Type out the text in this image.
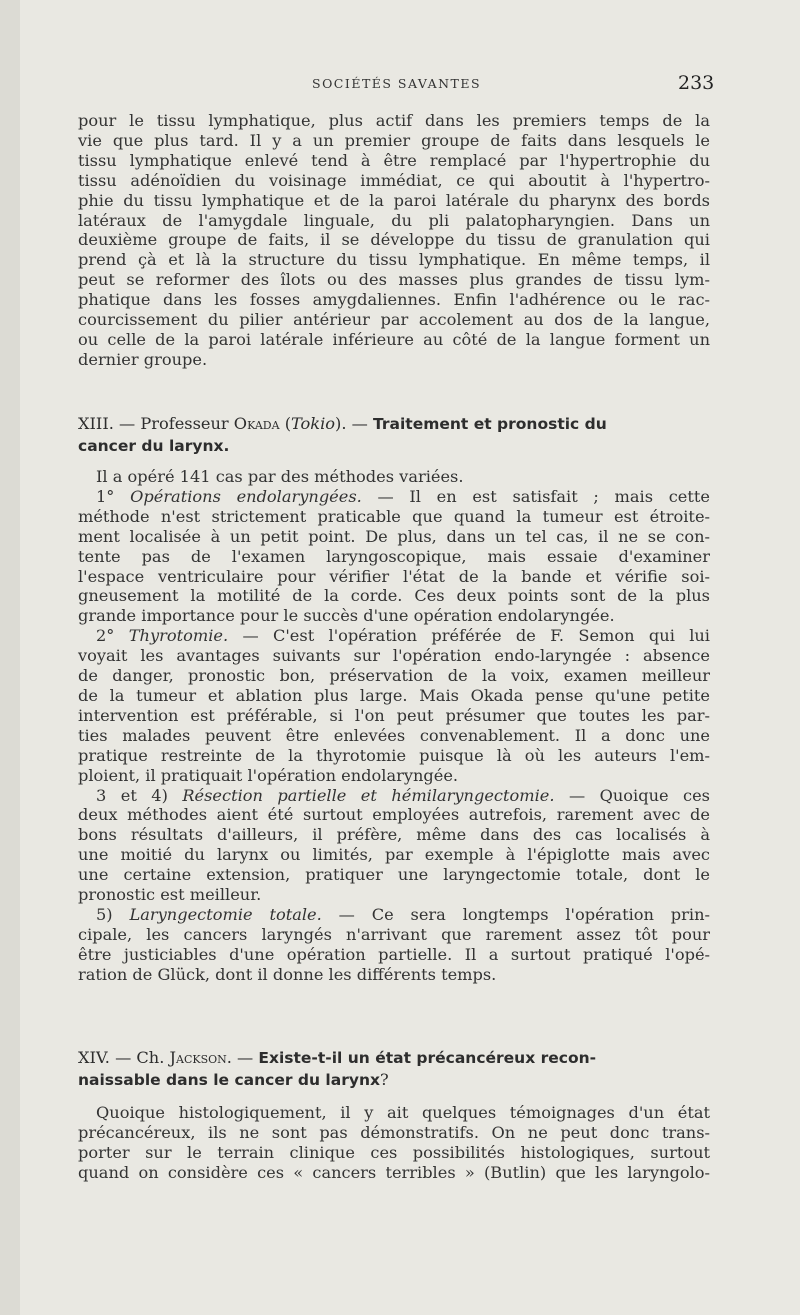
SOCIÉTÉS SAVANTES	233
pour le tissu lymphatique, plus actif dans les premiers temps de la
vie que plus tard. Il y a un premier groupe de faits dans lesquels le
tissu lymphatique enlevé tend à être remplacé par l'hypertrophie du
tissu adénoïdien du voisinage immédiat, ce qui aboutit à l'hypertro-
phie du tissu lymphatique et de la paroi latérale du pharynx des bords
latéraux de l'amygdale linguale, du pli palatopharyngien. Dans un
deuxième groupe de faits, il se développe du tissu de granulation qui
prend çà et là la structure du tissu lymphatique. En même temps, il
peut se reformer des îlots ou des masses plus grandes de tissu lym-
phatique dans les fosses amygdaliennes. Enfin l'adhérence ou le rac-
courcissement du pilier antérieur par accolement au dos de la langue,
ou celle de la paroi latérale inférieure au côté de la langue forment un
dernier groupe.
XIII. — Professeur Okada (Tokio). — Traitement et pronostic du
cancer du larynx.
Il a opéré 141 cas par des méthodes variées.
1° Opérations endolaryngées. — Il en est satisfait ; mais cette
méthode n'est strictement praticable que quand la tumeur est étroite-
ment localisée à un petit point. De plus, dans un tel cas, il ne se con-
tente pas de l'examen laryngoscopique, mais essaie d'examiner
l'espace ventriculaire pour vérifier l'état de la bande et vérifie soi-
gneusement la motilité de la corde. Ces deux points sont de la plus
grande importance pour le succès d'une opération endolaryngée.
2° Thyrotomie. — C'est l'opération préférée de F. Semon qui lui
voyait les avantages suivants sur l'opération endo-laryngée : absence
de danger, pronostic bon, préservation de la voix, examen meilleur
de la tumeur et ablation plus large. Mais Okada pense qu'une petite
intervention est préférable, si l'on peut présumer que toutes les par-
ties malades peuvent être enlevées convenablement. Il a donc une
pratique restreinte de la thyrotomie puisque là où les auteurs l'em-
ploient, il pratiquait l'opération endolaryngée.
3 et 4) Résection partielle et hémilaryngectomie. — Quoique ces
deux méthodes aient été surtout employées autrefois, rarement avec de
bons résultats d'ailleurs, il préfère, même dans des cas localisés à
une moitié du larynx ou limités, par exemple à l'épiglotte mais avec
une certaine extension, pratiquer une laryngectomie totale, dont le
pronostic est meilleur.
5) Laryngectomie totale. — Ce sera longtemps l'opération prin-
cipale, les cancers laryngés n'arrivant que rarement assez tôt pour
être justiciables d'une opération partielle. Il a surtout pratiqué l'opé-
ration de Glück, dont il donne les différents temps.
XIV. — Ch. Jackson. — Existe-t-il un état précancéreux recon-
naissable dans le cancer du larynx?
Quoique histologiquement, il y ait quelques témoignages d'un état
précancéreux, ils ne sont pas démonstratifs. On ne peut donc trans-
porter sur le terrain clinique ces possibilités histologiques, surtout
quand on considère ces « cancers terribles » (Butlin) que les laryngolo-
